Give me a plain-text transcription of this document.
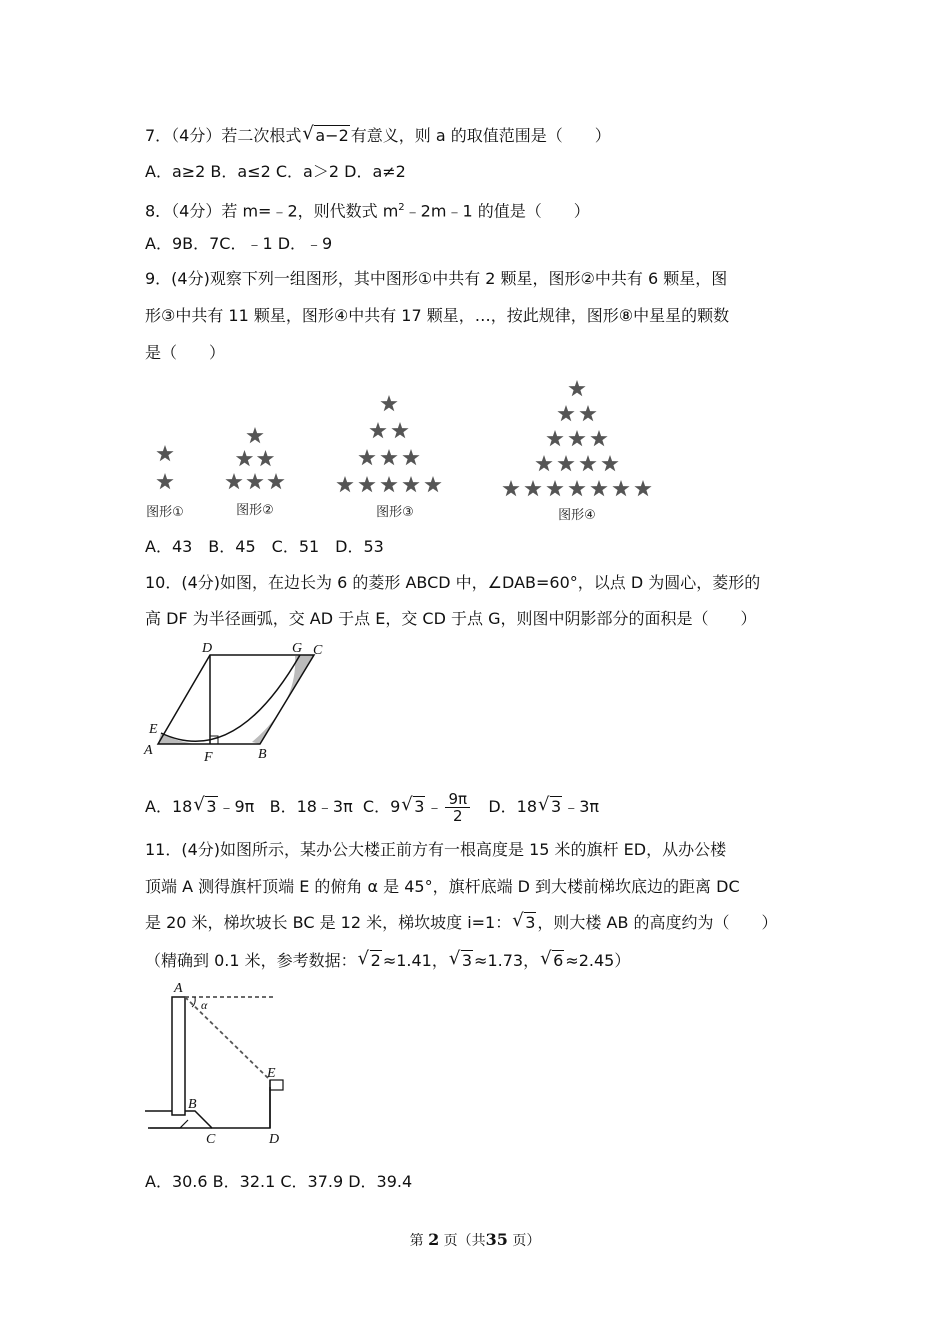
7．（4分）若二次根式 √ a−2 有意义，则 a 的取值范围是（　　）
A．a≥2 B．a≤2 C．a＞2 D．a≠2
8．（4分）若 m=﹣2，则代数式 $m^2﹣2m﹣1$ 的值是（　　）
A．9B．7C．﹣1 D．﹣9
9．(4分)观察下列一组图形，其中图形①中共有 2 颗星，图形②中共有 6 颗星，图
形③中共有 11 颗星，图形④中共有 17 颗星，…，按此规律，图形⑧中星星的颗数
是（　　）
图形①	图形②	图形③	图形④
A．43　B．45　C．51　D．53
10．(4分)如图，在边长为 6 的菱形 ABCD 中，∠DAB=60°，以点 D 为圆心，菱形的
高 DF 为半径画弧，交 AD 于点 E，交 CD 于点 G，则图中阴影部分的面积是（　　）
D	G C
E
A	F	B
A．18 √ 3 ﹣9π B．18﹣3π C．9 √ 3 ﹣ $\frac{9\pi}{2}$ D．18 √ 3 ﹣3π
11．(4分)如图所示，某办公大楼正前方有一根高度是 15 米的旗杆 ED，从办公楼
顶端 A 测得旗杆顶端 E 的俯角 α 是 45°，旗杆底端 D 到大楼前梯坎底边的距离 DC
是 20 米，梯坎坡长 BC 是 12 米，梯坎坡度 i=1： √ 3 ，则大楼 AB 的高度约为（　　）
（精确到 0.1 米，参考数据： √ 2 ≈1.41， √ 3 ≈1.73， √ 6 ≈2.45）
A
α
E
B
C	D
A．30.6 B．32.1 C．37.9 D．39.4
第 2 页（共35 页）
